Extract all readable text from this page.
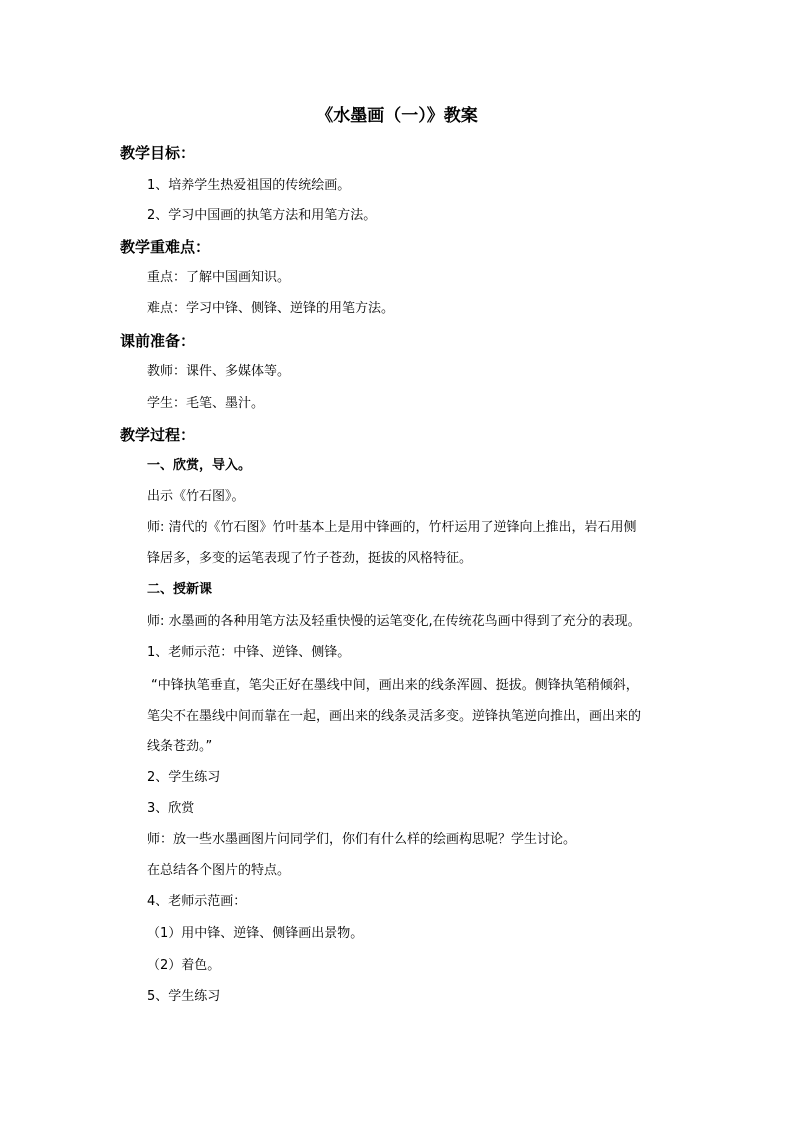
《水墨画（一）》教案
教学目标：
1、培养学生热爱祖国的传统绘画。
2、学习中国画的执笔方法和用笔方法。
教学重难点：
重点：了解中国画知识。
难点：学习中锋、侧锋、逆锋的用笔方法。
课前准备：
教师：课件、多媒体等。
学生：毛笔、墨汁。
教学过程：
一、欣赏，导入。
出示《竹石图》。
师: 清代的《竹石图》竹叶基本上是用中锋画的，竹杆运用了逆锋向上推出，岩石用侧
锋居多，多变的运笔表现了竹子苍劲，挺拔的风格特征。
二、授新课
师: 水墨画的各种用笔方法及轻重快慢的运笔变化,在传统花鸟画中得到了充分的表现。
1、老师示范：中锋、逆锋、侧锋。
“中锋执笔垂直，笔尖正好在墨线中间，画出来的线条浑圆、挺拔。侧锋执笔稍倾斜，
笔尖不在墨线中间而靠在一起，画出来的线条灵活多变。逆锋执笔逆向推出，画出来的
线条苍劲。”
2、学生练习
3、欣赏
师：放一些水墨画图片问同学们，你们有什么样的绘画构思呢？学生讨论。
在总结各个图片的特点。
4、老师示范画：
（1）用中锋、逆锋、侧锋画出景物。
（2）着色。
5、学生练习
